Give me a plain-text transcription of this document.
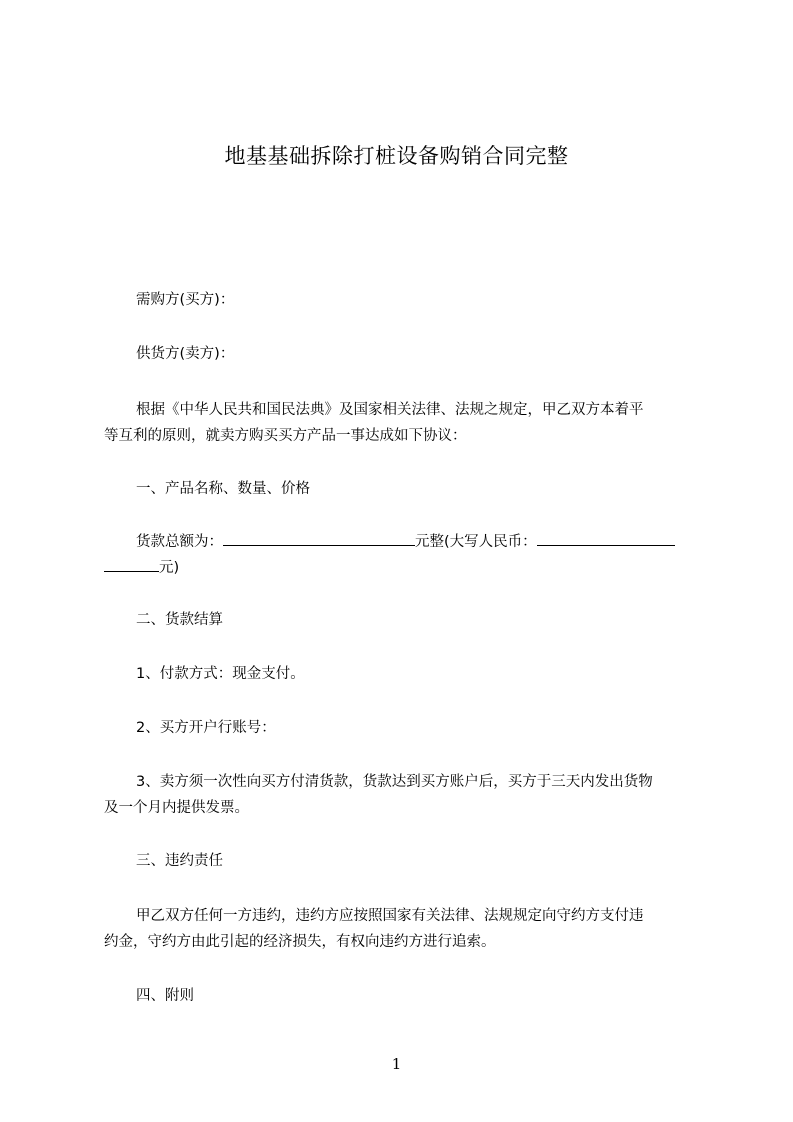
地基基础拆除打桩设备购销合同完整
需购方(买方)：
供货方(卖方)：
根据《中华人民共和国民法典》及国家相关法律、法规之规定，甲乙双方本着平
等互利的原则，就卖方购买买方产品一事达成如下协议：
一、产品名称、数量、价格
货款总额为：	元整(大写人民币：
元)
二、货款结算
1、付款方式：现金支付。
2、买方开户行账号：
3、卖方须一次性向买方付清货款，货款达到买方账户后，买方于三天内发出货物
及一个月内提供发票。
三、违约责任
甲乙双方任何一方违约，违约方应按照国家有关法律、法规规定向守约方支付违
约金，守约方由此引起的经济损失，有权向违约方进行追索。
四、附则
1
